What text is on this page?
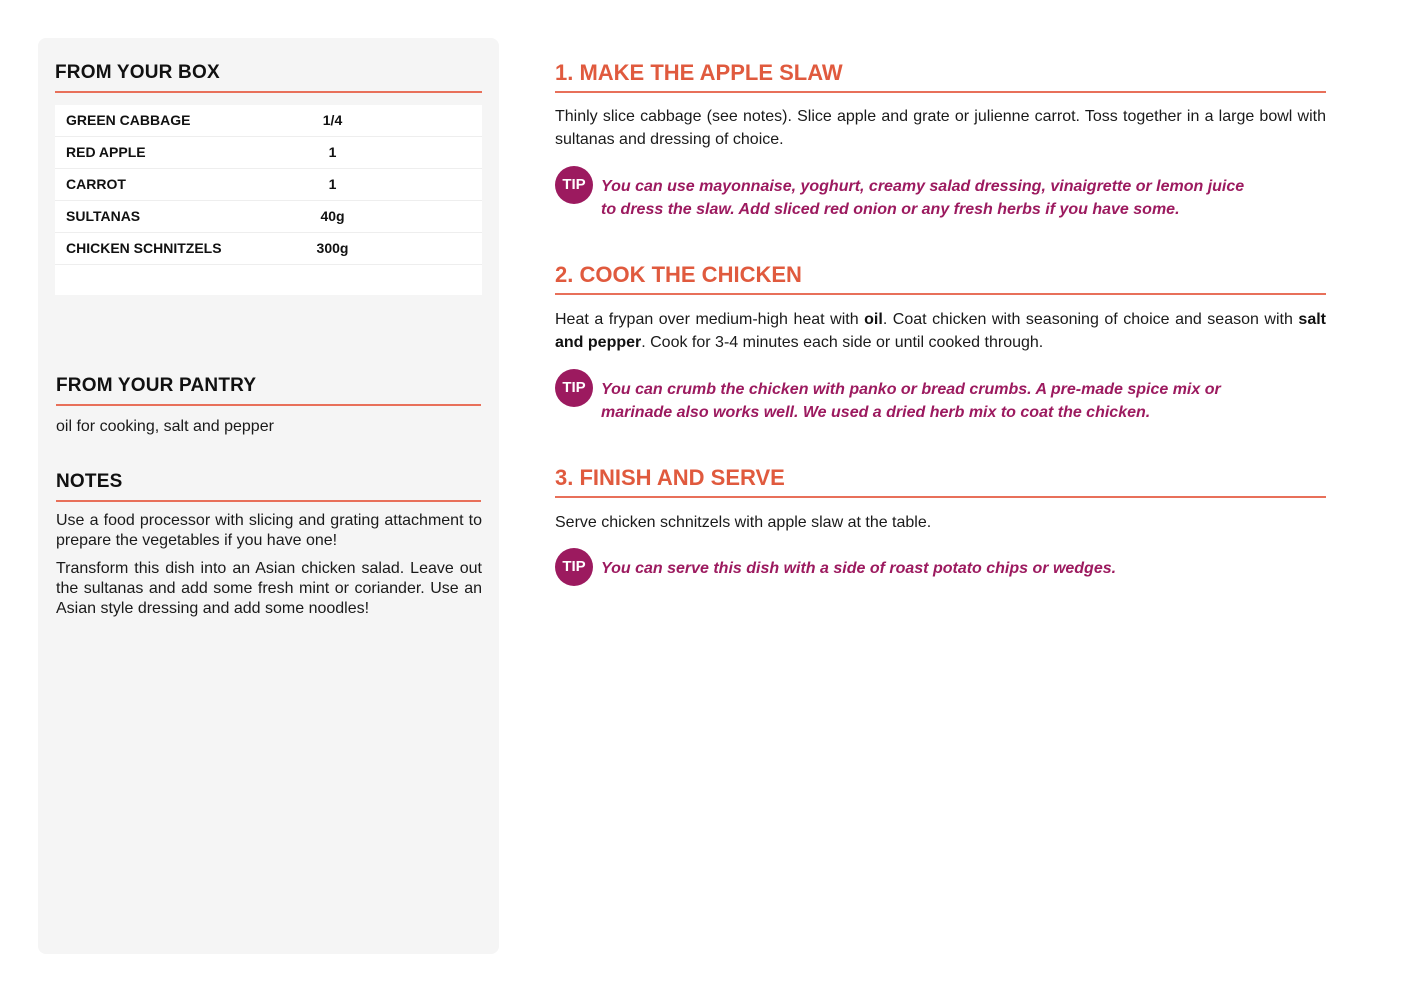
FROM YOUR BOX
GREEN CABBAGE	1/4
RED APPLE	1
CARROT	1
SULTANAS	40g
CHICKEN SCHNITZELS	300g
FROM YOUR PANTRY
oil for cooking, salt and pepper
NOTES

Use a food processor with slicing and grating attachment to prepare the vegetables if you have one!

Transform this dish into an Asian chicken salad. Leave out the sultanas and add some fresh mint or coriander. Use an Asian style dressing and add some noodles!

1. MAKE THE APPLE SLAW
Thinly slice cabbage (see notes). Slice apple and grate or julienne carrot. Toss together in a large bowl with sultanas and dressing of choice.
TIP You can use mayonnaise, yoghurt, creamy salad dressing, vinaigrette or lemon juice to dress the slaw. Add sliced red onion or any fresh herbs if you have some.
2. COOK THE CHICKEN
Heat a frypan over medium-high heat with oil. Coat chicken with seasoning of choice and season with salt and pepper. Cook for 3-4 minutes each side or until cooked through.
TIP You can crumb the chicken with panko or bread crumbs. A pre-made spice mix or marinade also works well. We used a dried herb mix to coat the chicken.
3. FINISH AND SERVE
Serve chicken schnitzels with apple slaw at the table.
TIP You can serve this dish with a side of roast potato chips or wedges.
